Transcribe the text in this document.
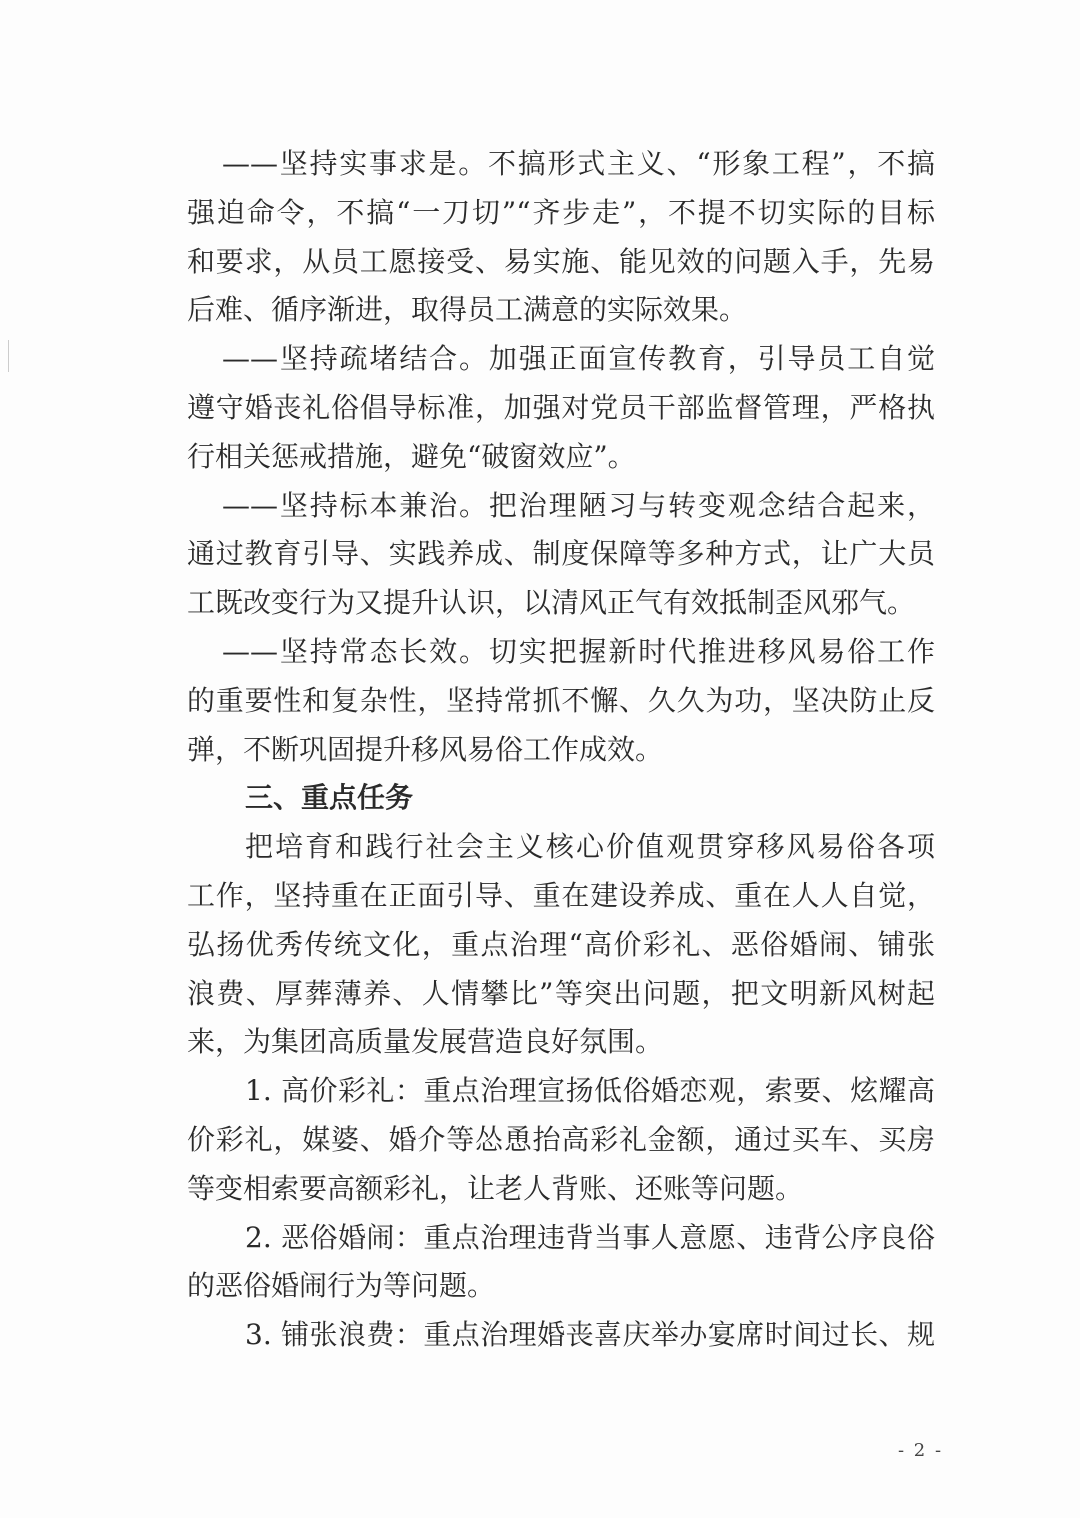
——坚持实事求是。不搞形式主义、“形象工程”，不搞
强迫命令，不搞“一刀切”“齐步走”，不提不切实际的目标
和要求，从员工愿接受、易实施、能见效的问题入手，先易
后难、循序渐进，取得员工满意的实际效果。
——坚持疏堵结合。加强正面宣传教育，引导员工自觉
遵守婚丧礼俗倡导标准，加强对党员干部监督管理，严格执
行相关惩戒措施，避免“破窗效应”。
——坚持标本兼治。把治理陋习与转变观念结合起来，
通过教育引导、实践养成、制度保障等多种方式，让广大员
工既改变行为又提升认识，以清风正气有效抵制歪风邪气。
——坚持常态长效。切实把握新时代推进移风易俗工作
的重要性和复杂性，坚持常抓不懈、久久为功，坚决防止反
弹，不断巩固提升移风易俗工作成效。
三、重点任务
把培育和践行社会主义核心价值观贯穿移风易俗各项
工作，坚持重在正面引导、重在建设养成、重在人人自觉，
弘扬优秀传统文化，重点治理“高价彩礼、恶俗婚闹、铺张
浪费、厚葬薄养、人情攀比”等突出问题，把文明新风树起
来，为集团高质量发展营造良好氛围。
1. 高价彩礼：重点治理宣扬低俗婚恋观，索要、炫耀高
价彩礼，媒婆、婚介等怂恿抬高彩礼金额，通过买车、买房
等变相索要高额彩礼，让老人背账、还账等问题。
2. 恶俗婚闹：重点治理违背当事人意愿、违背公序良俗
的恶俗婚闹行为等问题。
3. 铺张浪费：重点治理婚丧喜庆举办宴席时间过长、规
- 2 -
